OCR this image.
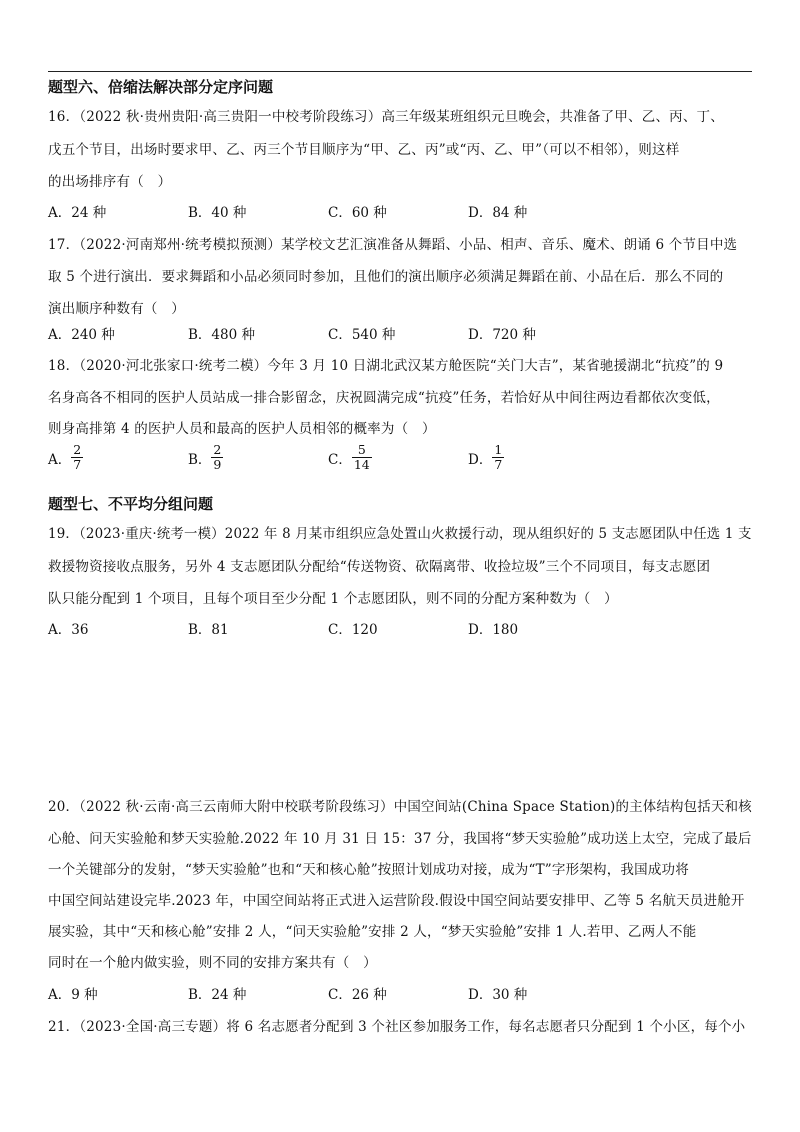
题型六、倍缩法解决部分定序问题
16．（2022 秋·贵州贵阳·高三贵阳一中校考阶段练习）高三年级某班组织元旦晚会，共准备了甲、乙、丙、丁、
戊五个节目，出场时要求甲、乙、丙三个节目顺序为“甲、乙、丙”或“丙、乙、甲”（可以不相邻），则这样
的出场排序有（　）
A．24 种	B．40 种	C．60 种	D．84 种
17．（2022·河南郑州·统考模拟预测）某学校文艺汇演准备从舞蹈、小品、相声、音乐、魔术、朗诵 6 个节目中选
取 5 个进行演出．要求舞蹈和小品必须同时参加，且他们的演出顺序必须满足舞蹈在前、小品在后．那么不同的
演出顺序种数有（　）
A．240 种	B．480 种	C．540 种	D．720 种
18．（2020·河北张家口·统考二模）今年 3 月 10 日湖北武汉某方舱医院“关门大吉”，某省驰援湖北“抗疫”的 9
名身高各不相同的医护人员站成一排合影留念，庆祝圆满完成“抗疫”任务，若恰好从中间往两边看都依次变低，
则身高排第 4 的医护人员和最高的医护人员相邻的概率为（　）
A． $\frac{2}{7}$	B． $\frac{2}{9}$	C． $\frac{5}{14}$	D． $\frac{1}{7}$
题型七、不平均分组问题
19．（2023·重庆·统考一模）2022 年 8 月某市组织应急处置山火救援行动，现从组织好的 5 支志愿团队中任选 1 支
救援物资接收点服务，另外 4 支志愿团队分配给“传送物资、砍隔离带、收捡垃圾”三个不同项目，每支志愿团
队只能分配到 1 个项目，且每个项目至少分配 1 个志愿团队，则不同的分配方案种数为（　）
A．36	B．81	C．120	D．180
20．（2022 秋·云南·高三云南师大附中校联考阶段练习）中国空间站(China Space Station)的主体结构包括天和核
心舱、问天实验舱和梦天实验舱.2022 年 10 月 31 日 15：37 分，我国将“梦天实验舱”成功送上太空，完成了最后
一个关键部分的发射，“梦天实验舱”也和“天和核心舱”按照计划成功对接，成为“T”字形架构，我国成功将
中国空间站建设完毕.2023 年，中国空间站将正式进入运营阶段.假设中国空间站要安排甲、乙等 5 名航天员进舱开
展实验，其中“天和核心舱”安排 2 人，“问天实验舱”安排 2 人，“梦天实验舱”安排 1 人.若甲、乙两人不能
同时在一个舱内做实验，则不同的安排方案共有（　）
A．9 种	B．24 种	C．26 种	D．30 种
21．（2023·全国·高三专题）将 6 名志愿者分配到 3 个社区参加服务工作，每名志愿者只分配到 1 个小区，每个小
